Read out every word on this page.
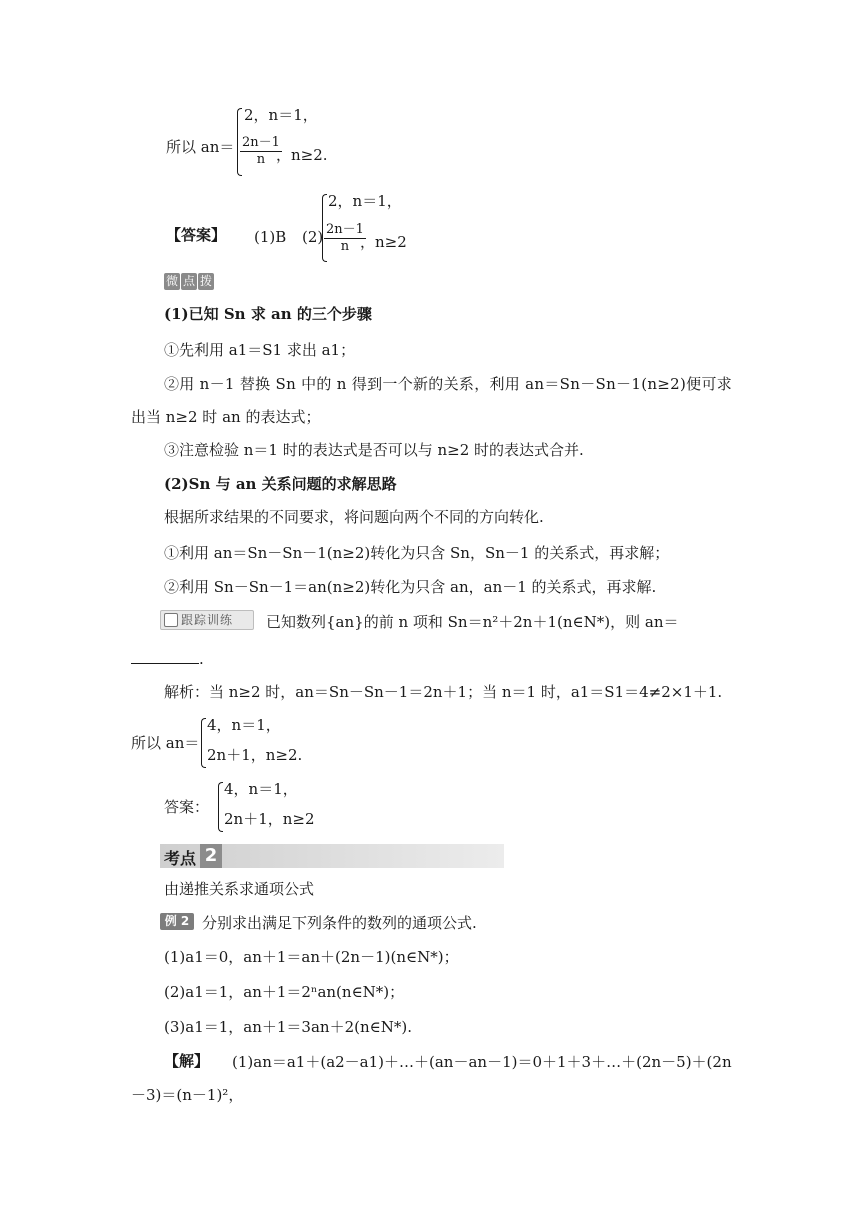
所以 an＝
2，n＝1，
$\frac{2n-1}{n}$
，n≥2.
【答案】 (1)B (2)
2，n＝1，
$\frac{2n-1}{n}$
，n≥2
微 点 拨
(1)已知 Sn 求 an 的三个步骤
①先利用 a1＝S1 求出 a1；
②用 n－1 替换 Sn 中的 n 得到一个新的关系，利用 an＝Sn－Sn－1(n≥2)便可求
出当 n≥2 时 an 的表达式；
③注意检验 n＝1 时的表达式是否可以与 n≥2 时的表达式合并.
(2)Sn 与 an 关系问题的求解思路
根据所求结果的不同要求，将问题向两个不同的方向转化.
①利用 an＝Sn－Sn－1(n≥2)转化为只含 Sn，Sn－1 的关系式，再求解；
②利用 Sn－Sn－1＝an(n≥2)转化为只含 an，an－1 的关系式，再求解.
跟踪训练 已知数列{an}的前 n 项和 Sn＝n²＋2n＋1(n∈N*)，则 an＝
.
解析：当 n≥2 时，an＝Sn－Sn－1＝2n＋1；当 n＝1 时，a1＝S1＝4≠2×1＋1.
所以 an＝
4，n＝1，
2n＋1，n≥2.
答案：
4，n＝1，
2n＋1，n≥2
考点 2
由递推关系求通项公式
例 2 分别求出满足下列条件的数列的通项公式.
(1)a1＝0，an＋1＝an＋(2n－1)(n∈N*)；
(2)a1＝1，an＋1＝2ⁿan(n∈N*)；
(3)a1＝1，an＋1＝3an＋2(n∈N*).
【解】 (1)an＝a1＋(a2－a1)＋…＋(an－an－1)＝0＋1＋3＋…＋(2n－5)＋(2n
－3)＝(n－1)²，
